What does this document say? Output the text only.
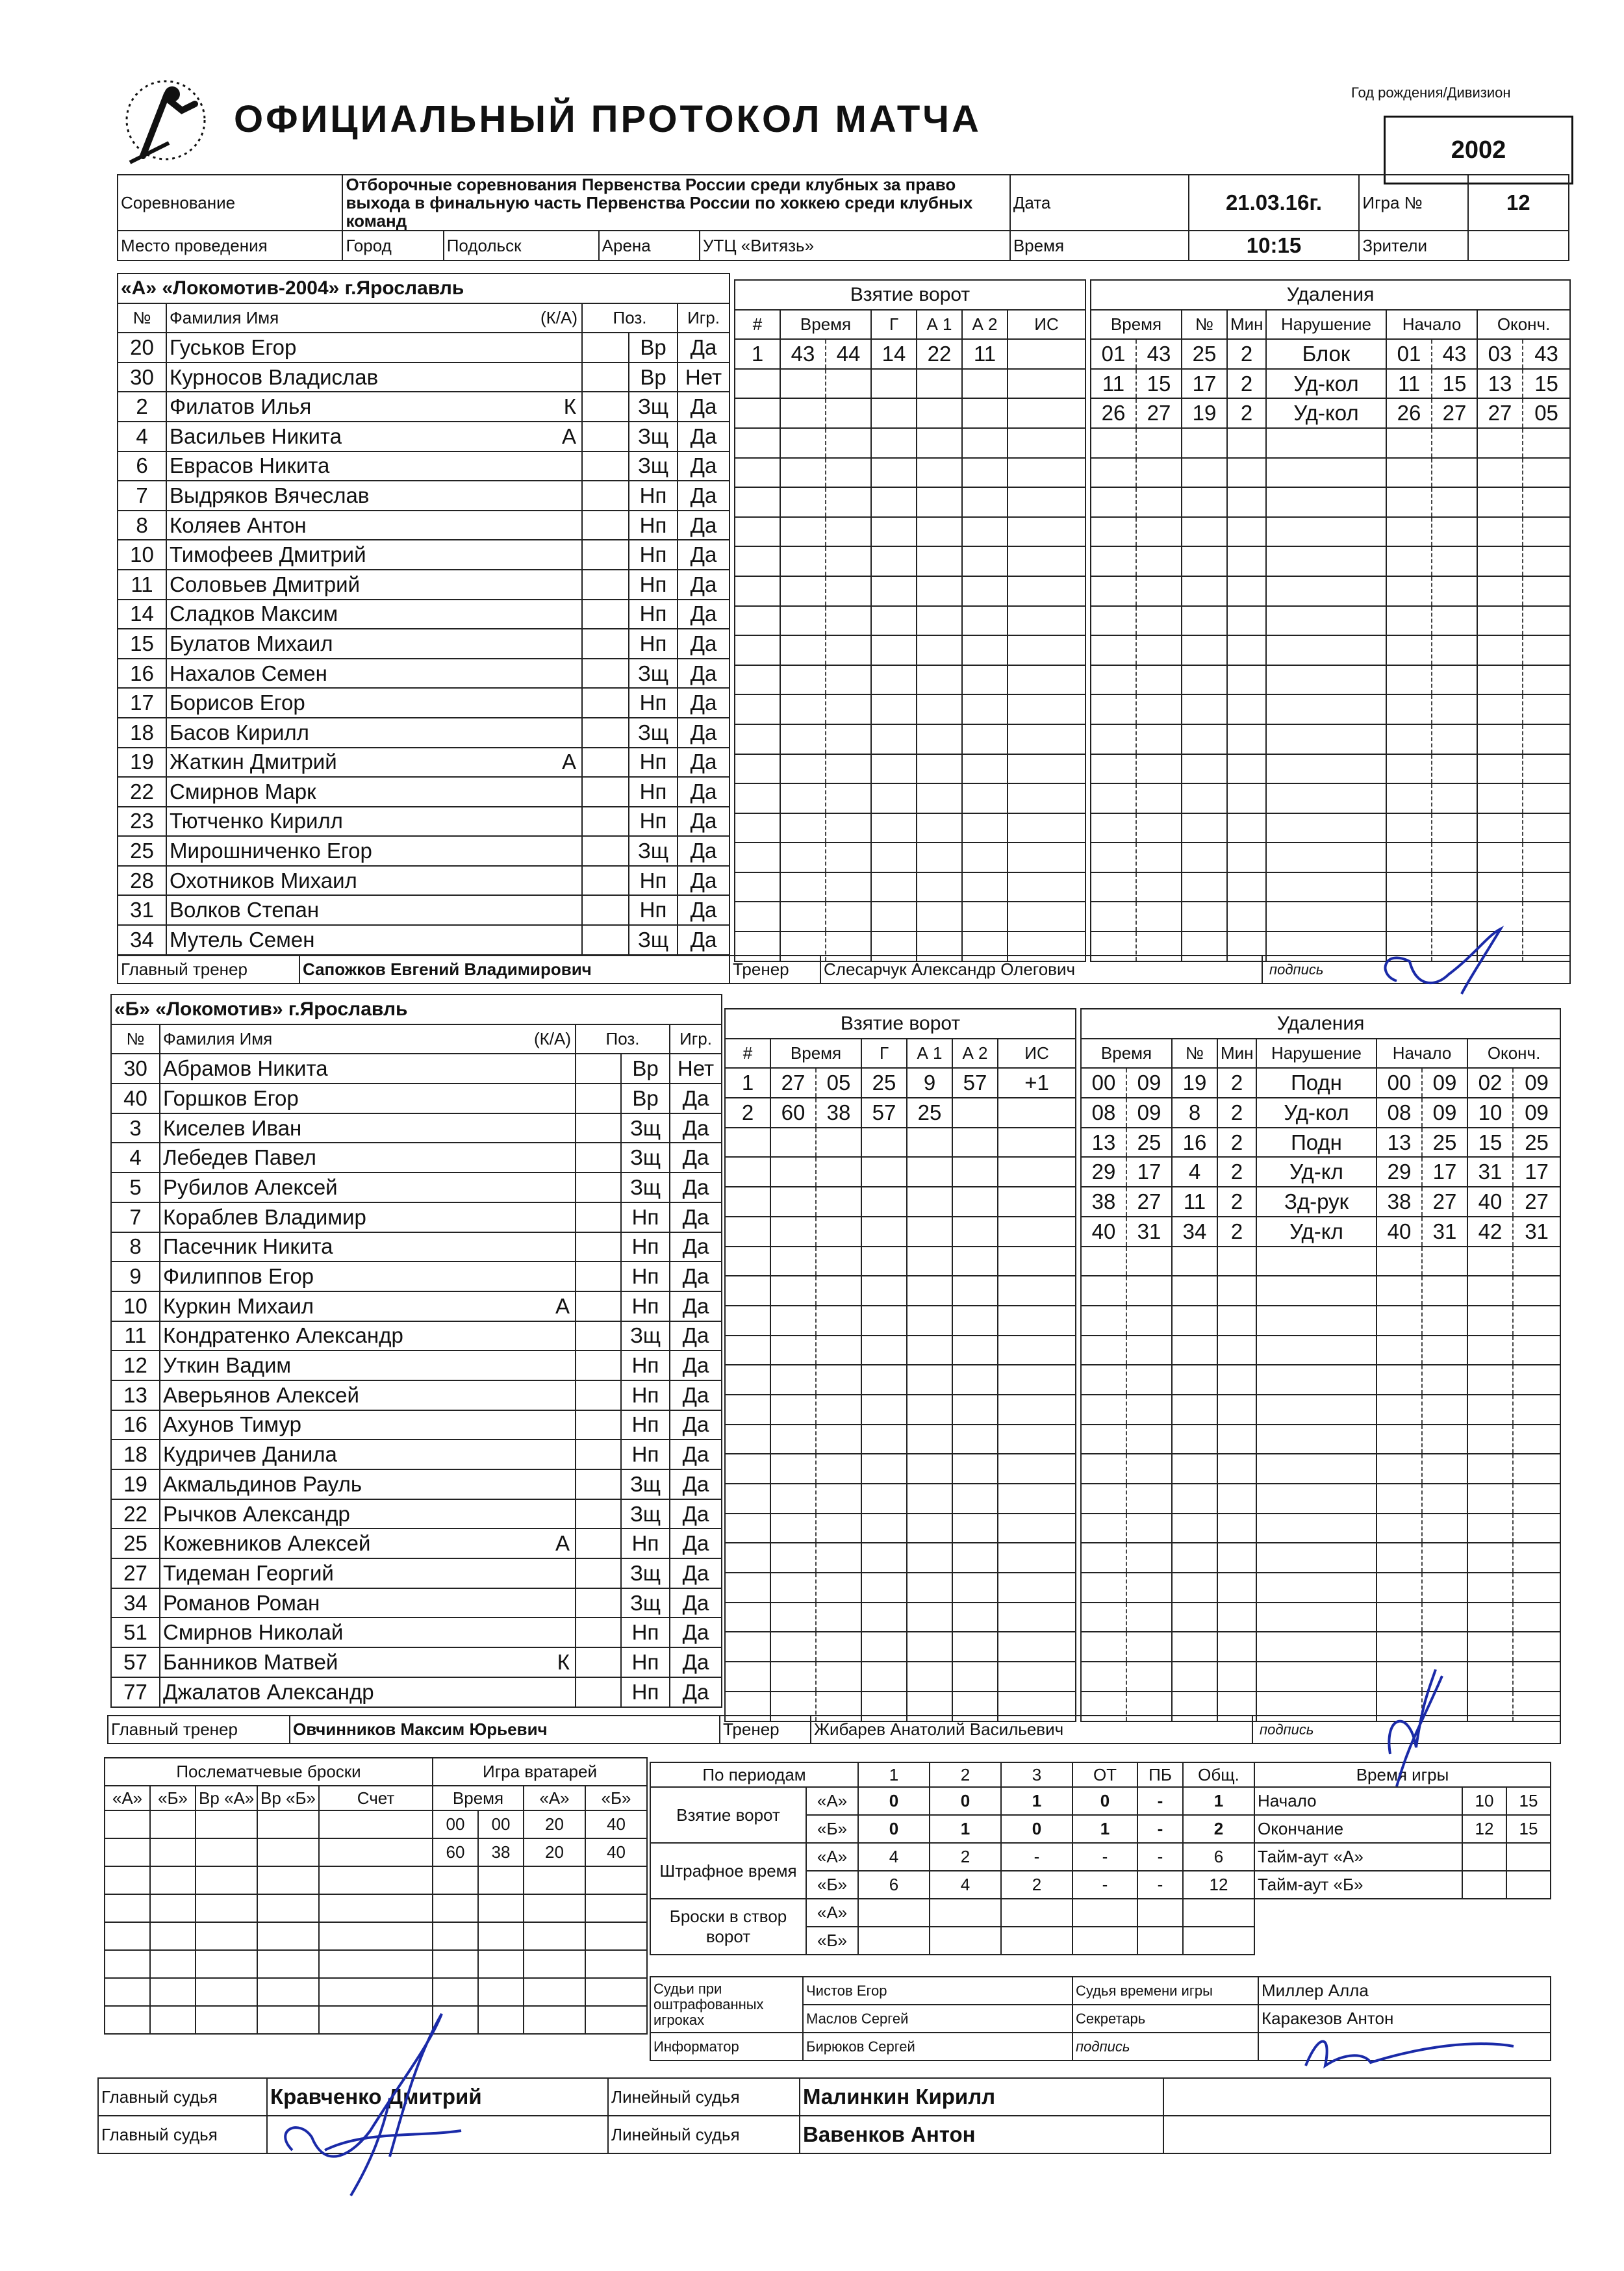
ОФИЦИАЛЬНЫЙ ПРОТОКОЛ МАТЧА
Год рождения/Дивизион
2002
Соревнование	Отборочные соревнования Первенства России среди клубных за право выхода в финальную часть Первенства России по хоккею среди клубных команд				Дата	21.03.16г.	Игра №	12
Место проведения	Город	Подольск	Арена	УТЦ «Витязь»	Время	10:15	Зрители	
«А» «Локомотив-2004» г.Ярославль				
№	Фамилия Имя (К/А)	Поз.		Игр.
20	Гуськов Егор		Вр	Да
30	Курносов Владислав		Вр	Нет
2	Филатов Илья К		Зщ	Да
4	Васильев Никита А		Зщ	Да
6	Еврасов Никита		Зщ	Да
7	Выдряков Вячеслав		Нп	Да
8	Коляев Антон		Нп	Да
10	Тимофеев Дмитрий		Нп	Да
11	Соловьев Дмитрий		Нп	Да
14	Сладков Максим		Нп	Да
15	Булатов Михаил		Нп	Да
16	Нахалов Семен		Зщ	Да
17	Борисов Егор		Нп	Да
18	Басов Кирилл		Зщ	Да
19	Жаткин Дмитрий А		Нп	Да
22	Смирнов Марк		Нп	Да
23	Тютченко Кирилл		Нп	Да
25	Мирошниченко Егор		Зщ	Да
28	Охотников Михаил		Нп	Да
31	Волков Степан		Нп	Да
34	Мутель Семен		Зщ	Да
Взятие ворот						
#	Время		Г	А 1	А 2	ИС
1	43	44	14	22	11	

Удаления								
Время		№	Мин	Нарушение	Начало		Оконч.	
01	43	25	2	Блок	01	43	03	43
11	15	17	2	Уд-кол	11	15	13	15
26	27	19	2	Уд-кол	26	27	27	05

Главный тренер	Сапожков Евгений Владимирович	Тренер	Слесарчук Александр Олегович	подпись
«Б» «Локомотив» г.Ярославль				
№	Фамилия Имя (К/А)	Поз.		Игр.
30	Абрамов Никита		Вр	Нет
40	Горшков Егор		Вр	Да
3	Киселев Иван		Зщ	Да
4	Лебедев Павел		Зщ	Да
5	Рубилов Алексей		Зщ	Да
7	Кораблев Владимир		Нп	Да
8	Пасечник Никита		Нп	Да
9	Филиппов Егор		Нп	Да
10	Куркин Михаил А		Нп	Да
11	Кондратенко Александр		Зщ	Да
12	Уткин Вадим		Нп	Да
13	Аверьянов Алексей		Нп	Да
16	Ахунов Тимур		Нп	Да
18	Кудричев Данила		Нп	Да
19	Акмальдинов Рауль		Зщ	Да
22	Рычков Александр		Зщ	Да
25	Кожевников Алексей А		Нп	Да
27	Тидеман Георгий		Зщ	Да
34	Романов Роман		Зщ	Да
51	Смирнов Николай		Нп	Да
57	Банников Матвей К		Нп	Да
77	Джалатов Александр		Нп	Да
Взятие ворот						
#	Время		Г	А 1	А 2	ИС
1	27	05	25	9	57	+1
2	60	38	57	25		

Удаления								
Время		№	Мин	Нарушение	Начало		Оконч.	
00	09	19	2	Подн	00	09	02	09
08	09	8	2	Уд-кол	08	09	10	09
13	25	16	2	Подн	13	25	15	25
29	17	4	2	Уд-кл	29	17	31	17
38	27	11	2	Зд-рук	38	27	40	27
40	31	34	2	Уд-кл	40	31	42	31

Главный тренер	Овчинников Максим Юрьевич	Тренер	Жибарев Анатолий Васильевич	подпись
Послематчевые броски				
«А»	«Б»	Вр «А»	Вр «Б»	Счет

Игра вратарей			
Время		«А»	«Б»
00	00	20	40
60	38	20	40

По периодам		1	2	3	ОТ	ПБ	Общ.
Взятие ворот	«А»	0	0	1	0	-	1
	«Б»	0	1	0	1	-	2
Штрафное время	«А»	4	2	-	-	-	6
	«Б»	6	4	2	-	-	12
Броски в створ ворот	«А»						
	«Б»						
Время игры		
Начало	10	15
Окончание	12	15
Тайм-аут «А»		
Тайм-аут «Б»		
Судьи при оштрафованных игроках	Чистов Егор	Судья времени игры	Миллер Алла
	Маслов Сергей	Секретарь	Каракезов Антон
Информатор	Бирюков Сергей	подпись	
Главный судья	Кравченко Дмитрий	Линейный судья	Малинкин Кирилл	
Главный судья		Линейный судья	Вавенков Антон	
